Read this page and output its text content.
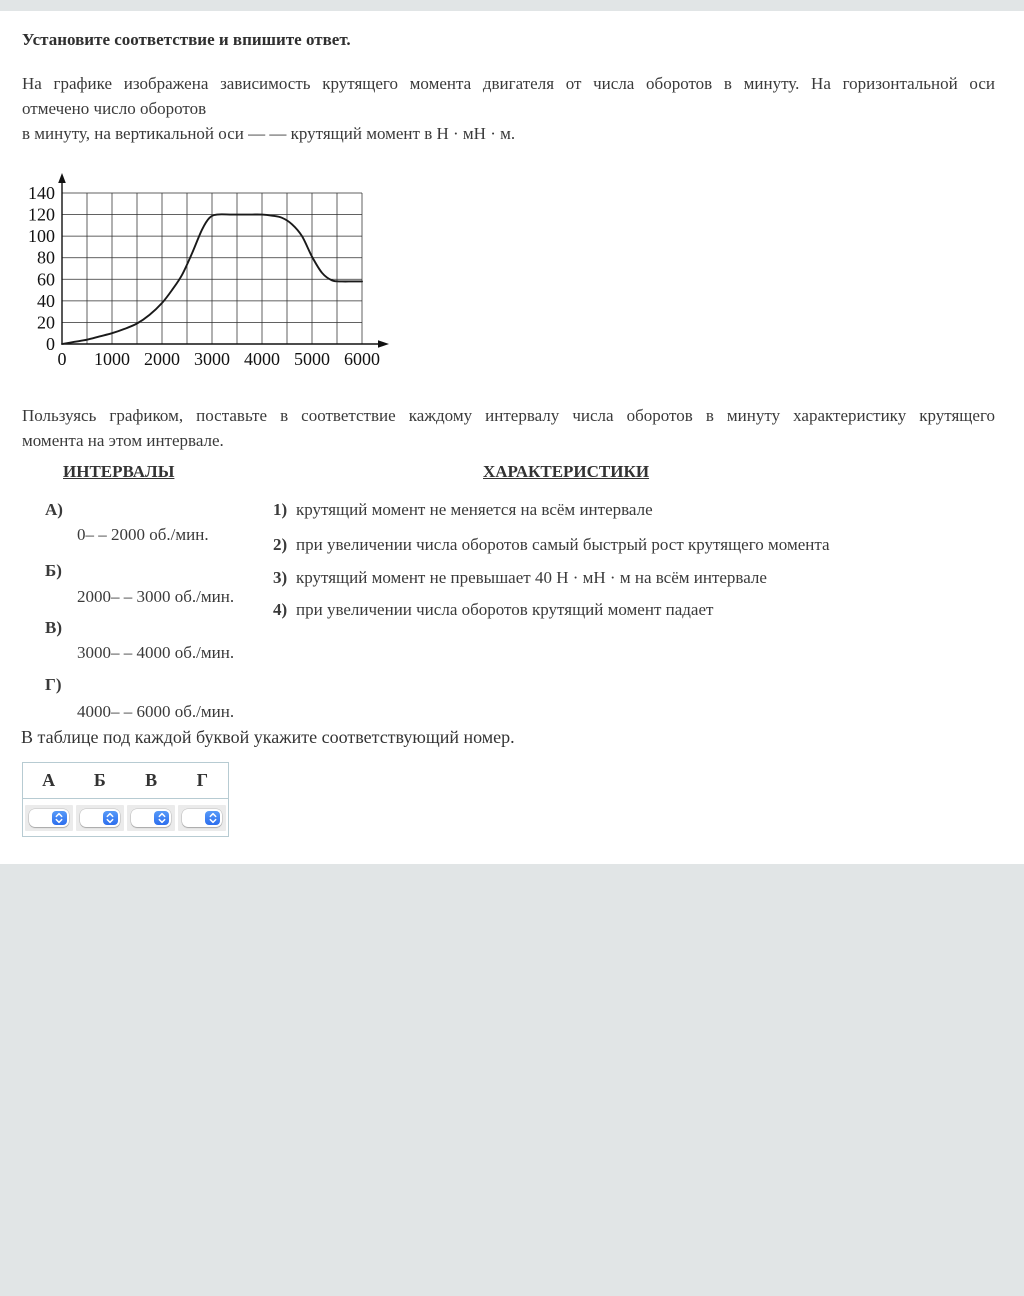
Установите соответствие и впишите ответ.
На графике изображена зависимость крутящего момента двигателя от числа оборотов в минуту. На горизонтальной оси
отмечено число оборотов
в минуту, на вертикальной оси — — крутящий момент в Н · мН · м.
0
20
40
60
80
100
120
140
0 1000 2000 3000 4000 5000 6000
Пользуясь графиком, поставьте в соответствие каждому интервалу числа оборотов в минуту характеристику крутящего
момента на этом интервале.
ИНТЕРВАЛЫ	ХАРАКТЕРИСТИКИ
А)
0– – 2000 об./мин.
Б)
2000– – 3000 об./мин.
В)
3000– – 4000 об./мин.
Г)
4000– – 6000 об./мин.
1) крутящий момент не меняется на всём интервале
2) при увеличении числа оборотов самый быстрый рост крутящего момента
3) крутящий момент не превышает 40 Н · мН · м на всём интервале
4) при увеличении числа оборотов крутящий момент падает
В таблице под каждой буквой укажите соответствующий номер.
А	Б	В	Г
